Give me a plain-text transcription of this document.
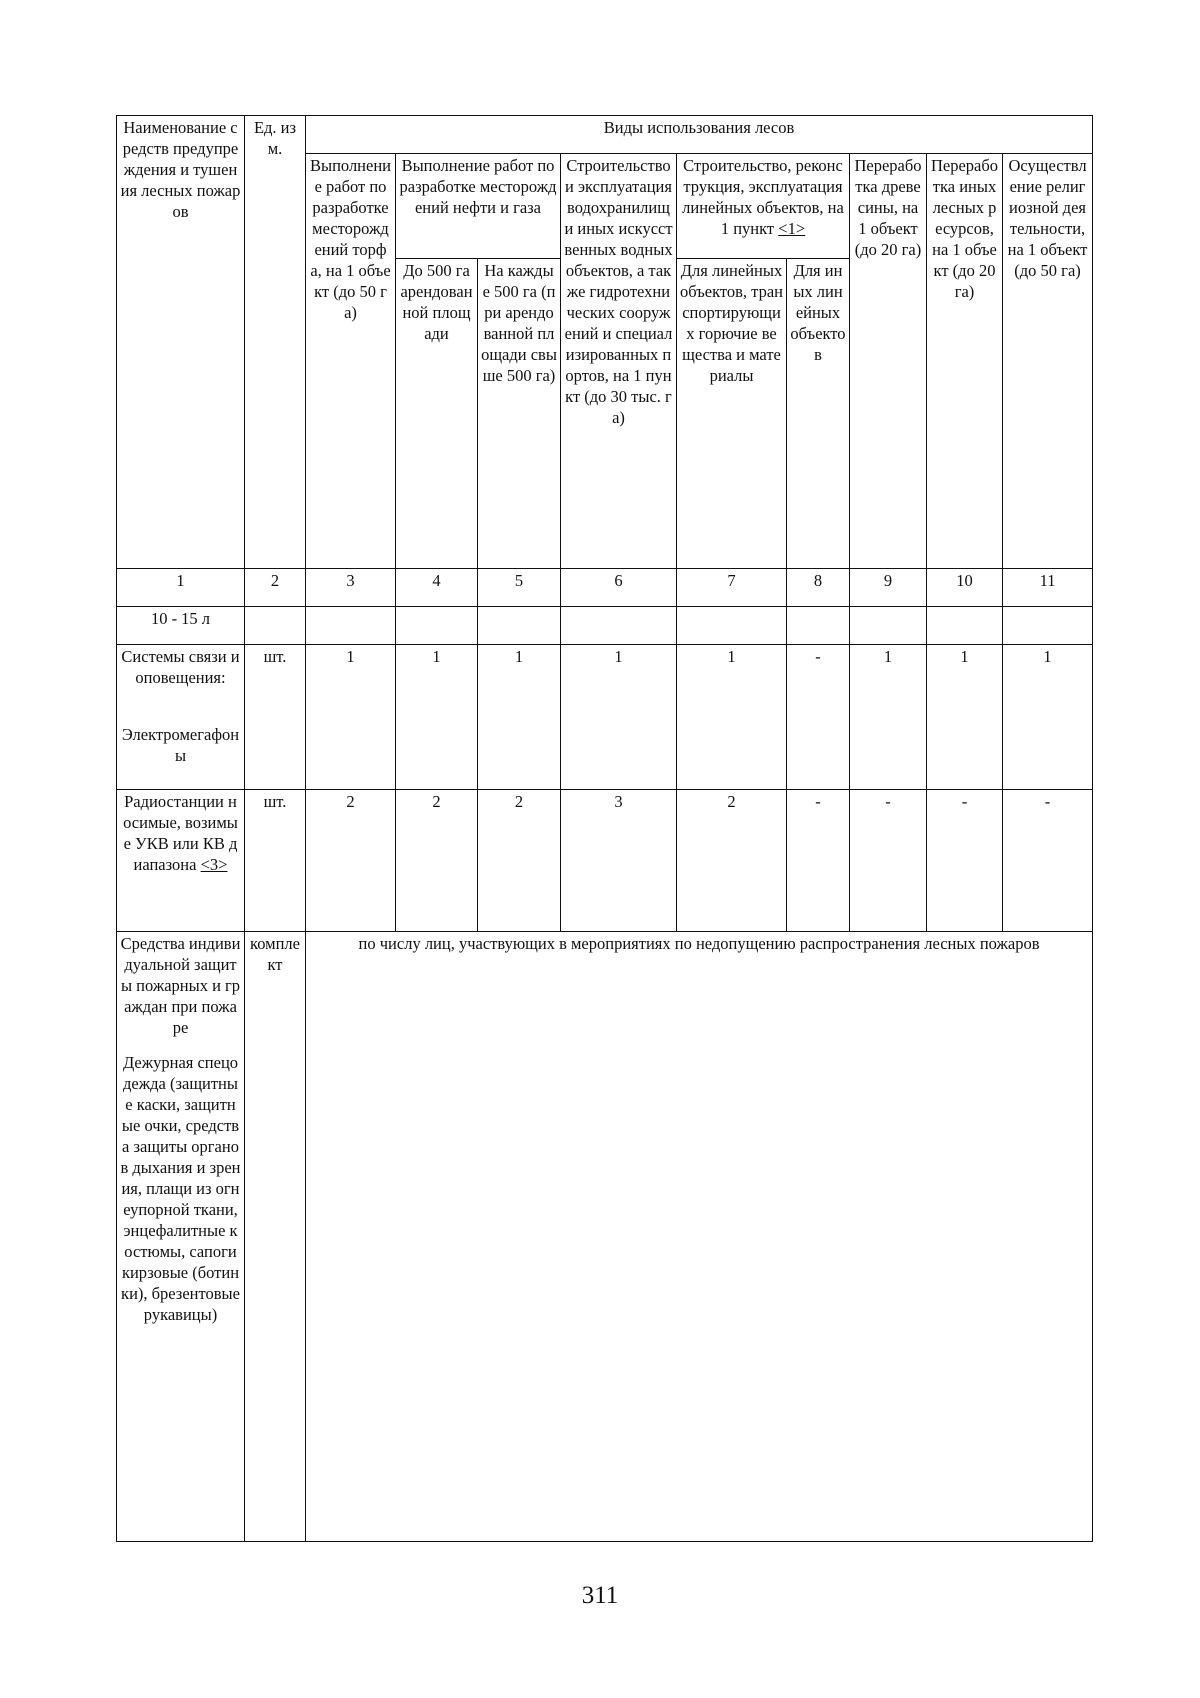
Наименование средств предупреждения и тушения лесных пожаров	Ед. изм.	Виды использования лесов								
		Выполнение работ по разработке месторождений торфа, на 1 объект (до 50 га)	Выполнение работ по разработке месторождений нефти и газа		Строительство и эксплуатация водохранилищ и иных искусственных водных объектов, а также гидротехнических сооружений и специализированных портов, на 1 пункт (до 30 тыс. га)	Строительство, реконструкция, эксплуатация линейных объектов, на 1 пункт <1>		Переработка древесины, на 1 объект (до 20 га)	Переработка иных лесных ресурсов, на 1 объект (до 20 га)	Осуществление религиозной деятельности, на 1 объект (до 50 га)
			До 500 га арендованной площади	На каждые 500 га (при арендованной площади свыше 500 га)		Для линейных объектов, транспортирующих горючие вещества и материалы	Для иных линейных объектов			
1	2	3	4	5	6	7	8	9	10	11
10 - 15 л										
Системы связи и оповещения:
Электромегафоны	шт.	1	1	1	1	1	-	1	1	1
Радиостанции носимые, возимые УКВ или КВ диапазона <3>	шт.	2	2	2	3	2	-	-	-	-
Средства индивидуальной защиты пожарных и граждан при пожаре
Дежурная спецодежда (защитные каски, защитные очки, средства защиты органов дыхания и зрения, плащи из огнеупорной ткани, энцефалитные костюмы, сапоги кирзовые (ботинки), брезентовые рукавицы)	комплект	по числу лиц, участвующих в мероприятиях по недопущению распространения лесных пожаров								
311
